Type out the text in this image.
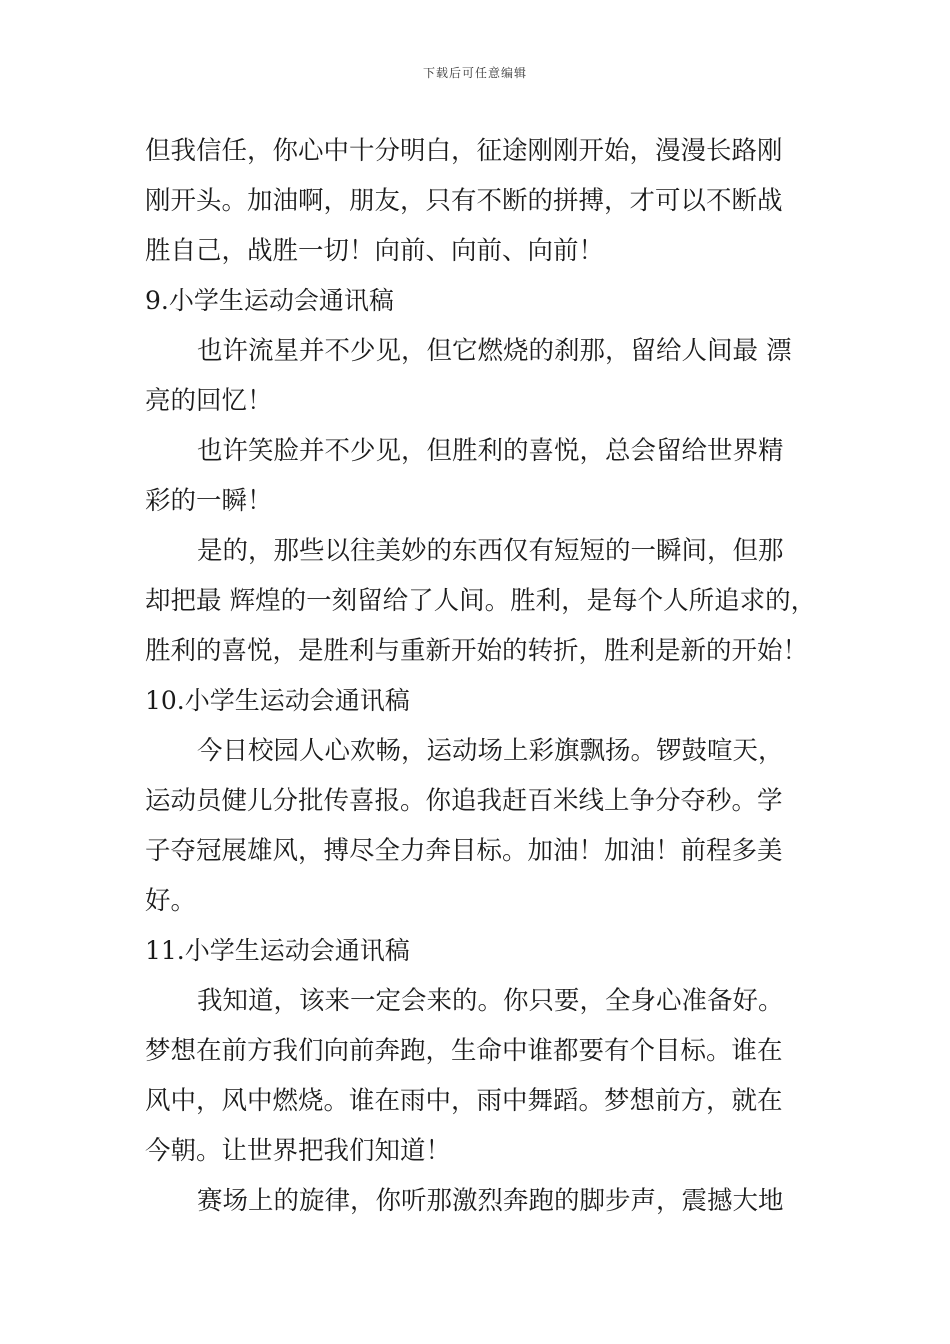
下载后可任意编辑

但我信任，你心中十分明白，征途刚刚开始，漫漫长路刚

刚开头。加油啊，朋友，只有不断的拼搏，才可以不断战

胜自己，战胜一切！向前、向前、向前！

9.小学生运动会通讯稿

也许流星并不少见，但它燃烧的刹那，留给人间最 漂

亮的回忆！

也许笑脸并不少见，但胜利的喜悦，总会留给世界精

彩的一瞬！

是的，那些以往美妙的东西仅有短短的一瞬间，但那

却把最 辉煌的一刻留给了人间。胜利，是每个人所追求的，

胜利的喜悦，是胜利与重新开始的转折，胜利是新的开始！

10.小学生运动会通讯稿

今日校园人心欢畅，运动场上彩旗飘扬。锣鼓喧天，

运动员健儿分批传喜报。你追我赶百米线上争分夺秒。学

子夺冠展雄风，搏尽全力奔目标。加油！加油！前程多美

好。

11.小学生运动会通讯稿

我知道，该来一定会来的。你只要，全身心准备好。

梦想在前方我们向前奔跑，生命中谁都要有个目标。谁在

风中，风中燃烧。谁在雨中，雨中舞蹈。梦想前方，就在

今朝。让世界把我们知道！

赛场上的旋律，你听那激烈奔跑的脚步声，震撼大地
